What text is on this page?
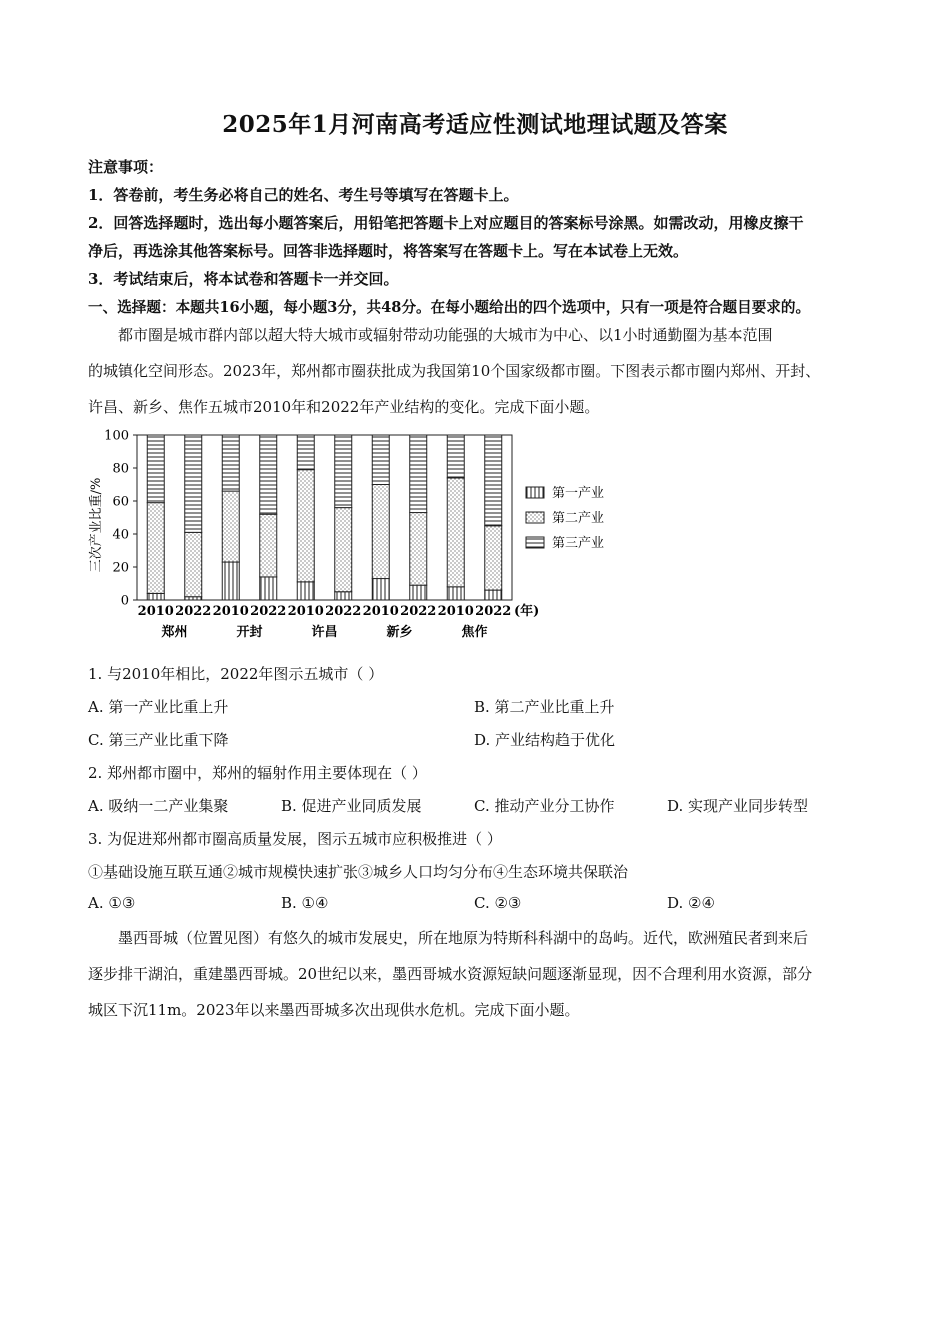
2025年1月河南高考适应性测试地理试题及答案
注意事项：
1．答卷前，考生务必将自己的姓名、考生号等填写在答题卡上。
2．回答选择题时，选出每小题答案后，用铅笔把答题卡上对应题目的答案标号涂黑。如需改动，用橡皮擦干
净后，再选涂其他答案标号。回答非选择题时，将答案写在答题卡上。写在本试卷上无效。
3．考试结束后，将本试卷和答题卡一并交回。
一、选择题：本题共16小题，每小题3分，共48分。在每小题给出的四个选项中，只有一项是符合题目要求的。
都市圈是城市群内部以超大特大城市或辐射带动功能强的大城市为中心、以1小时通勤圈为基本范围
的城镇化空间形态。2023年，郑州都市圈获批成为我国第10个国家级都市圈。下图表示都市圈内郑州、开封、
许昌、新乡、焦作五城市2010年和2022年产业结构的变化。完成下面小题。
三次产业比重/%
0
20
40
60
80
100
2010 2022 2010 2022 2010 2022 2010 2022 2010 2022 (年)
郑州	开封	许昌	新乡	焦作
1. 与2010年相比，2022年图示五城市（ ）
A. 第一产业比重上升	B. 第二产业比重上升
C. 第三产业比重下降	D. 产业结构趋于优化
2. 郑州都市圈中，郑州的辐射作用主要体现在（ ）
A. 吸纳一二产业集聚	B. 促进产业同质发展	C. 推动产业分工协作	D. 实现产业同步转型
3. 为促进郑州都市圈高质量发展，图示五城市应积极推进（ ）
①基础设施互联互通②城市规模快速扩张③城乡人口均匀分布④生态环境共保联治
A. ①③	B. ①④	C. ②③	D. ②④
墨西哥城（位置见图）有悠久的城市发展史，所在地原为特斯科科湖中的岛屿。近代，欧洲殖民者到来后
逐步排干湖泊，重建墨西哥城。20世纪以来，墨西哥城水资源短缺问题逐渐显现，因不合理利用水资源，部分
城区下沉11m。2023年以来墨西哥城多次出现供水危机。完成下面小题。
第一产业
第二产业
第三产业
